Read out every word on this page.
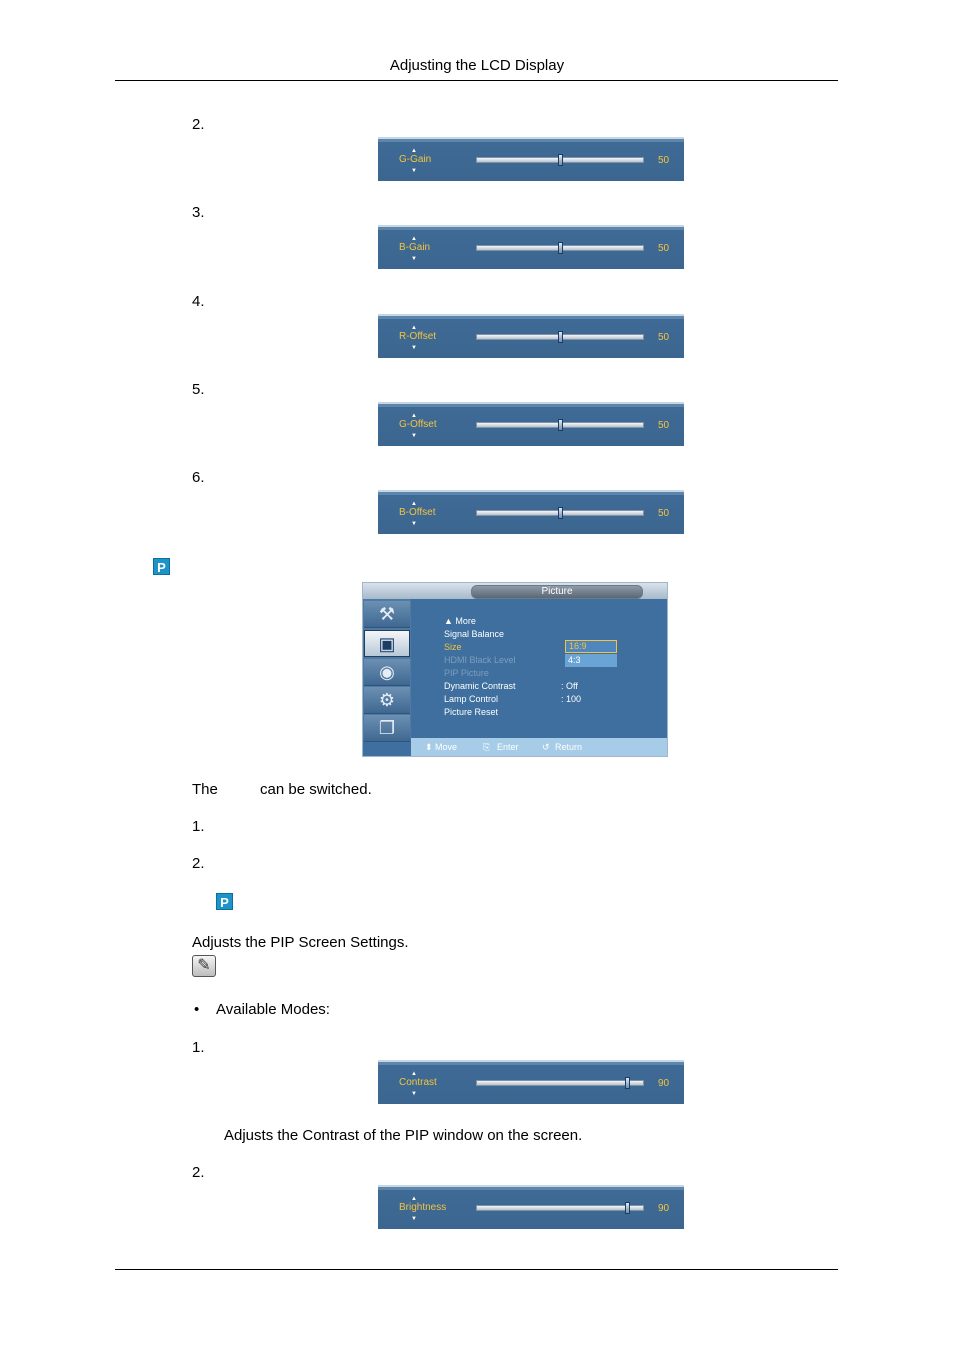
Adjusting the LCD Display
2.
▲
G-Gain
▼
50
3.
▲
B-Gain
▼
50
4.
▲
R-Offset
▼
50
5.
▲
G-Offset
▼
50
6.
▲
B-Offset
▼
50
P
Picture
⚒
▣
◉
⚙
❐
▲ More
Signal Balance
Size
HDMI Black Level
PIP Picture
Dynamic Contrast
Lamp Control
Picture Reset
: Off
: 100
16:9
4:3
⬍ Move	⎘ Enter	↺ Return
The	can be switched.
1.
2.
P
Adjusts the PIP Screen Settings.
✎
• Available Modes:
1.
▲
Contrast
▼
90
Adjusts the Contrast of the PIP window on the screen.
2.
▲
Brightness
▼
90
